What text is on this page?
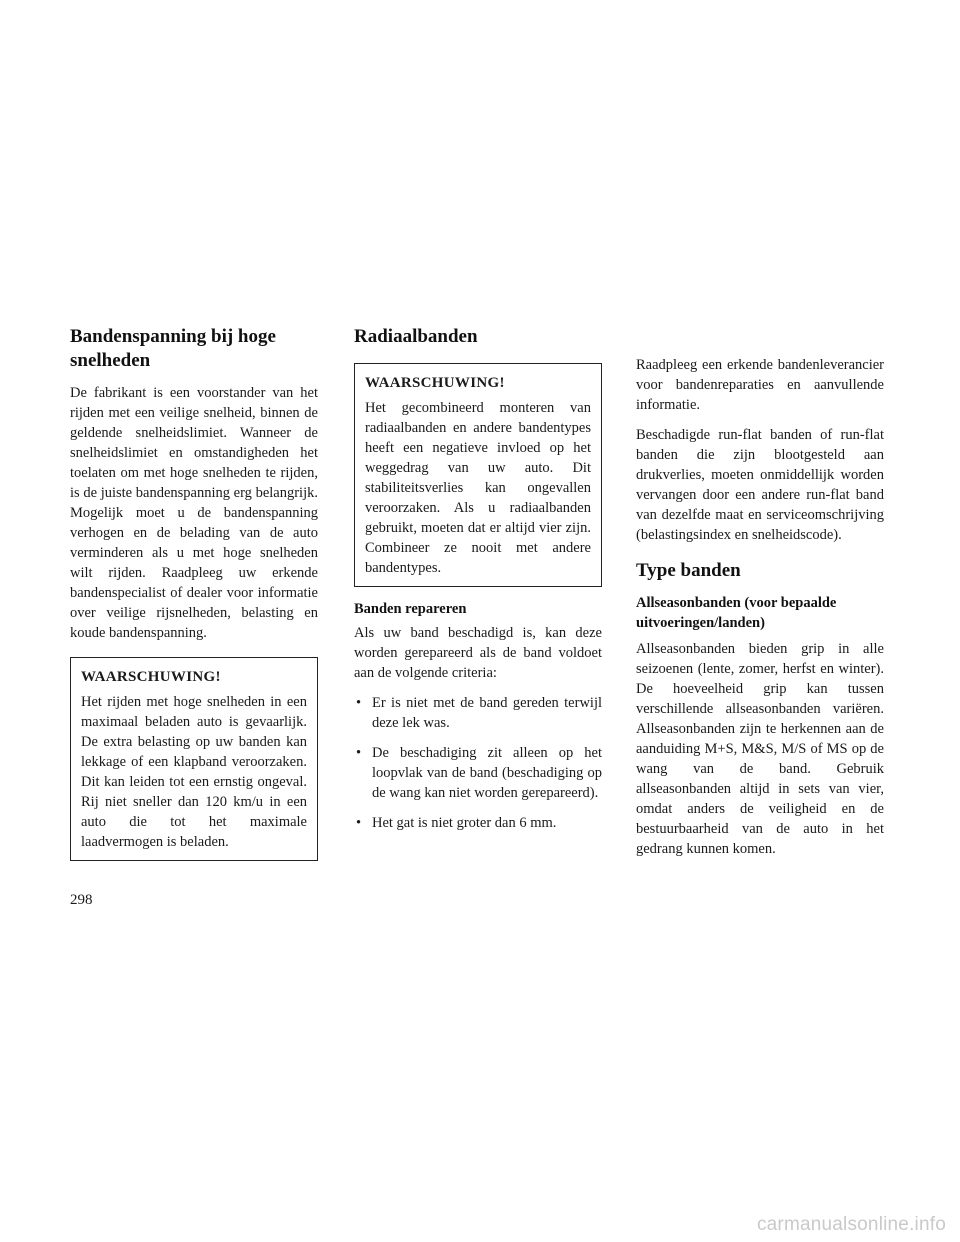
Bandenspanning bij hoge snelheden

De fabrikant is een voorstander van het rijden met een veilige snelheid, binnen de geldende snelheidslimiet. Wanneer de snelheidslimiet en omstandigheden het toelaten om met hoge snelheden te rijden, is de juiste bandenspanning erg belangrijk. Mogelijk moet u de bandenspanning verhogen en de belading van de auto verminderen als u met hoge snelheden wilt rijden. Raadpleeg uw erkende bandenspecialist of dealer voor informatie over veilige rijsnelheden, belasting en koude bandenspanning.

WAARSCHUWING!

Het rijden met hoge snelheden in een maximaal beladen auto is gevaarlijk. De extra belasting op uw banden kan lekkage of een klapband veroorzaken. Dit kan leiden tot een ernstig ongeval. Rij niet sneller dan 120 km/u in een auto die tot het maximale laadvermogen is beladen.

Radiaalbanden
WAARSCHUWING!

Het gecombineerd monteren van radiaalbanden en andere bandentypes heeft een negatieve invloed op het weggedrag van uw auto. Dit stabiliteitsverlies kan ongevallen veroorzaken. Als u radiaalbanden gebruikt, moeten dat er altijd vier zijn. Combineer ze nooit met andere bandentypes.

Banden repareren

Als uw band beschadigd is, kan deze worden gerepareerd als de band voldoet aan de volgende criteria:

• Er is niet met de band gereden terwijl deze lek was.
• De beschadiging zit alleen op het loopvlak van de band (beschadiging op de wang kan niet worden gerepareerd).
• Het gat is niet groter dan 6 mm.

Raadpleeg een erkende bandenleverancier voor bandenreparaties en aanvullende informatie.

Beschadigde run-flat banden of run-flat banden die zijn blootgesteld aan drukverlies, moeten onmiddellijk worden vervangen door een andere run-flat band van dezelfde maat en serviceomschrijving (belastingsindex en snelheidscode).

Type banden
Allseasonbanden (voor bepaalde uitvoeringen/landen)

Allseasonbanden bieden grip in alle seizoenen (lente, zomer, herfst en winter). De hoeveelheid grip kan tussen verschillende allseasonbanden variëren. Allseasonbanden zijn te herkennen aan de aanduiding M+S, M&S, M/S of MS op de wang van de band. Gebruik allseasonbanden altijd in sets van vier, omdat anders de veiligheid en de bestuurbaarheid van de auto in het gedrang kunnen komen.

298
carmanualsonline.info
